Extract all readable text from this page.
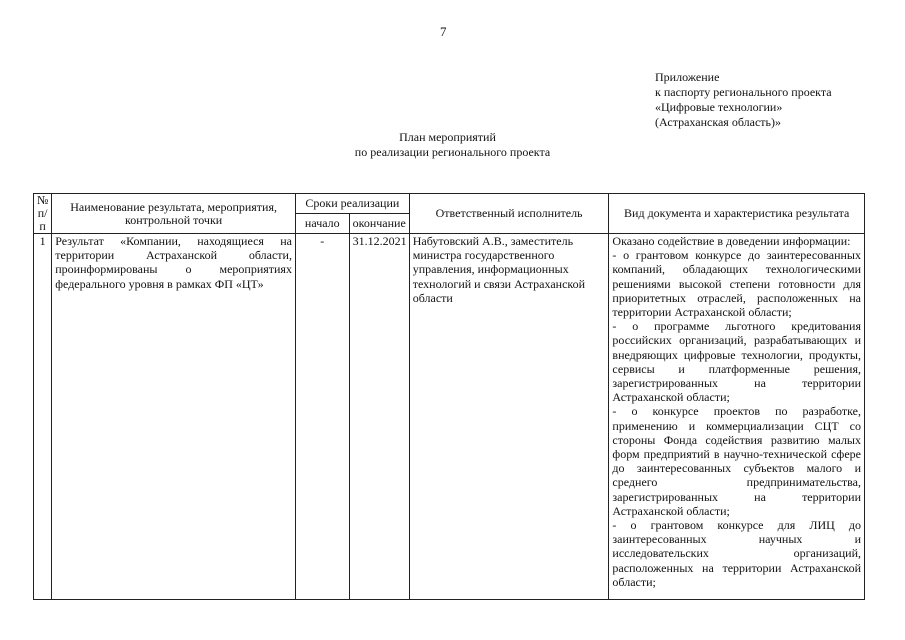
7
Приложение
к паспорту регионального проекта
«Цифровые технологии»
(Астраханская область)»
План мероприятий
по реализации регионального проекта
№ п/п	Наименование результата, мероприятия, контрольной точки	Сроки реализации		Ответственный исполнитель	Вид документа и характеристика результата
		начало	окончание		
1	Результат «Компании, находящиеся на территории Астраханской области, проинформированы о мероприятиях федерального уровня в рамках ФП «ЦТ»	-	31.12.2021	Набутовский А.В., заместитель министра государственного управления, информационных технологий и связи Астраханской области	Оказано содействие в доведении информации:

- о грантовом конкурсе до заинтересованных компаний, обладающих технологическими решениями высокой степени готовности для приоритетных отраслей, расположенных на территории Астраханской области;

- о программе льготного кредитования российских организаций, разрабатывающих и внедряющих цифровые технологии, продукты, сервисы и платформенные решения, зарегистрированных на территории Астраханской области;

- о конкурсе проектов по разработке, применению и коммерциализации СЦТ со стороны Фонда содействия развитию малых форм предприятий в научно-технической сфере до заинтересованных субъектов малого и среднего предпринимательства, зарегистрированных на территории Астраханской области;

- о грантовом конкурсе для ЛИЦ до заинтересованных научных и исследовательских организаций, расположенных на территории Астраханской области;
